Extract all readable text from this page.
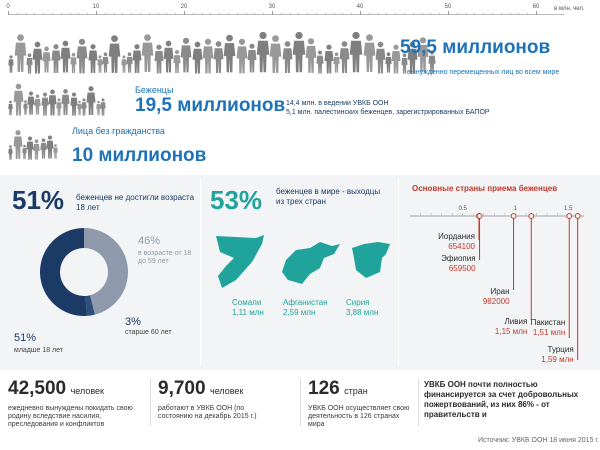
0	10	20	30	40	50	60	в млн. чел.
59,5 миллионов
вынужденно перемещенных лиц во всем мире
Беженцы
19,5 миллионов 14,4 млн. в ведении УВКБ ООН
5,1 млн. палестинских беженцев, зарегистрированных БАПОР
Лица без гражданства
10 миллионов
51% беженцев не достигли возраста 18 лет
46%
в возрасте от 18 до 59 лет
3%
старше 60 лет
51%
младше 18 лет
53% беженцев в мире - выходцы из трех стран
Сомали
1,11 млн
Афганистан
2,59 млн
Сирия
3,88 млн
Основные страны приема беженцев
0.5	1	1.5
Иордания
654100
Эфиопия
659500
Иран
982000
Ливия
1,15 млн
Пакистан
1,51 млн
Турция
1,59 млн
42,500 человек
ежедневно вынуждены покидать свою родину вследствие насилия, преследования и конфликтов
9,700 человек
работают в УВКБ ООН (по состоянию на декабрь 2015 г.)
126 стран
УВКБ ООН осуществляет свою деятельность в 126 странах мира
УВКБ ООН почти полностью финансируется за счет добровольных пожертвований, из них 86% - от правительств и
Источник: УВКБ ООН 18 июня 2015 г.
